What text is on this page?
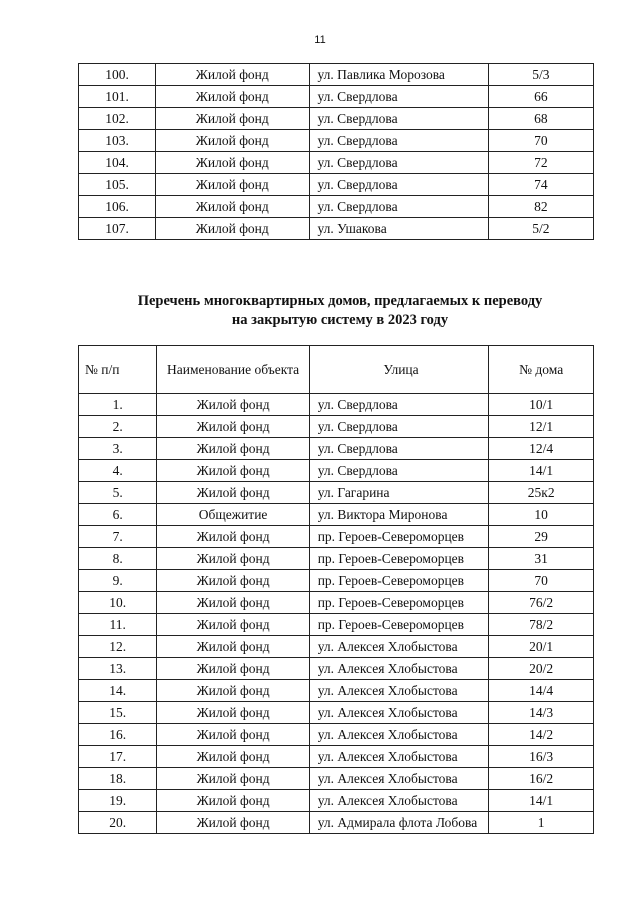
11
100.	Жилой фонд	ул. Павлика Морозова	5/3
101.	Жилой фонд	ул. Свердлова	66
102.	Жилой фонд	ул. Свердлова	68
103.	Жилой фонд	ул. Свердлова	70
104.	Жилой фонд	ул. Свердлова	72
105.	Жилой фонд	ул. Свердлова	74
106.	Жилой фонд	ул. Свердлова	82
107.	Жилой фонд	ул. Ушакова	5/2
Перечень многоквартирных домов, предлагаемых к переводу
на закрытую систему в 2023 году
№ п/п	Наименование объекта	Улица	№ дома
1.	Жилой фонд	ул. Свердлова	10/1
2.	Жилой фонд	ул. Свердлова	12/1
3.	Жилой фонд	ул. Свердлова	12/4
4.	Жилой фонд	ул. Свердлова	14/1
5.	Жилой фонд	ул. Гагарина	25к2
6.	Общежитие	ул. Виктора Миронова	10
7.	Жилой фонд	пр. Героев-Североморцев	29
8.	Жилой фонд	пр. Героев-Североморцев	31
9.	Жилой фонд	пр. Героев-Североморцев	70
10.	Жилой фонд	пр. Героев-Североморцев	76/2
11.	Жилой фонд	пр. Героев-Североморцев	78/2
12.	Жилой фонд	ул. Алексея Хлобыстова	20/1
13.	Жилой фонд	ул. Алексея Хлобыстова	20/2
14.	Жилой фонд	ул. Алексея Хлобыстова	14/4
15.	Жилой фонд	ул. Алексея Хлобыстова	14/3
16.	Жилой фонд	ул. Алексея Хлобыстова	14/2
17.	Жилой фонд	ул. Алексея Хлобыстова	16/3
18.	Жилой фонд	ул. Алексея Хлобыстова	16/2
19.	Жилой фонд	ул. Алексея Хлобыстова	14/1
20.	Жилой фонд	ул. Адмирала флота Лобова	1
